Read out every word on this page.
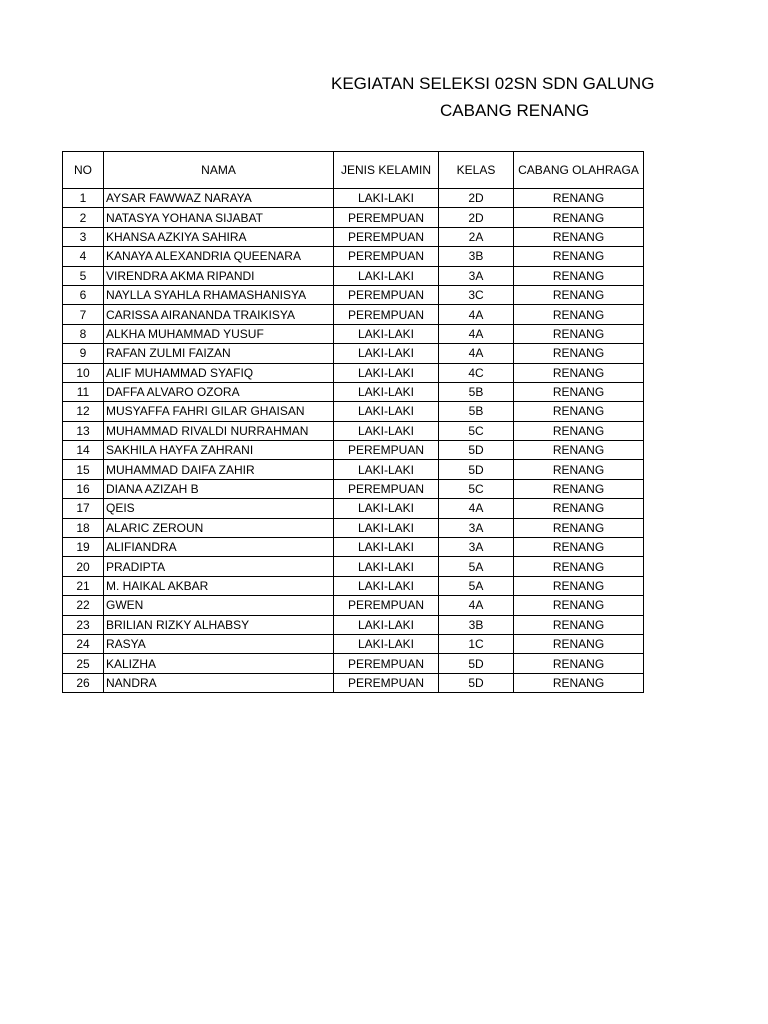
KEGIATAN SELEKSI 02SN SDN GALUNG
CABANG RENANG
NO	NAMA	JENIS KELAMIN	KELAS	CABANG OLAHRAGA
1	AYSAR FAWWAZ NARAYA	LAKI-LAKI	2D	RENANG
2	NATASYA YOHANA SIJABAT	PEREMPUAN	2D	RENANG
3	KHANSA AZKIYA SAHIRA	PEREMPUAN	2A	RENANG
4	KANAYA ALEXANDRIA QUEENARA	PEREMPUAN	3B	RENANG
5	VIRENDRA AKMA RIPANDI	LAKI-LAKI	3A	RENANG
6	NAYLLA SYAHLA RHAMASHANISYA	PEREMPUAN	3C	RENANG
7	CARISSA AIRANANDA TRAIKISYA	PEREMPUAN	4A	RENANG
8	ALKHA MUHAMMAD YUSUF	LAKI-LAKI	4A	RENANG
9	RAFAN ZULMI FAIZAN	LAKI-LAKI	4A	RENANG
10	ALIF MUHAMMAD SYAFIQ	LAKI-LAKI	4C	RENANG
11	DAFFA ALVARO OZORA	LAKI-LAKI	5B	RENANG
12	MUSYAFFA FAHRI GILAR GHAISAN	LAKI-LAKI	5B	RENANG
13	MUHAMMAD RIVALDI NURRAHMAN	LAKI-LAKI	5C	RENANG
14	SAKHILA HAYFA ZAHRANI	PEREMPUAN	5D	RENANG
15	MUHAMMAD DAIFA ZAHIR	LAKI-LAKI	5D	RENANG
16	DIANA AZIZAH B	PEREMPUAN	5C	RENANG
17	QEIS	LAKI-LAKI	4A	RENANG
18	ALARIC ZEROUN	LAKI-LAKI	3A	RENANG
19	ALIFIANDRA	LAKI-LAKI	3A	RENANG
20	PRADIPTA	LAKI-LAKI	5A	RENANG
21	M. HAIKAL AKBAR	LAKI-LAKI	5A	RENANG
22	GWEN	PEREMPUAN	4A	RENANG
23	BRILIAN RIZKY ALHABSY	LAKI-LAKI	3B	RENANG
24	RASYA	LAKI-LAKI	1C	RENANG
25	KALIZHA	PEREMPUAN	5D	RENANG
26	NANDRA	PEREMPUAN	5D	RENANG
